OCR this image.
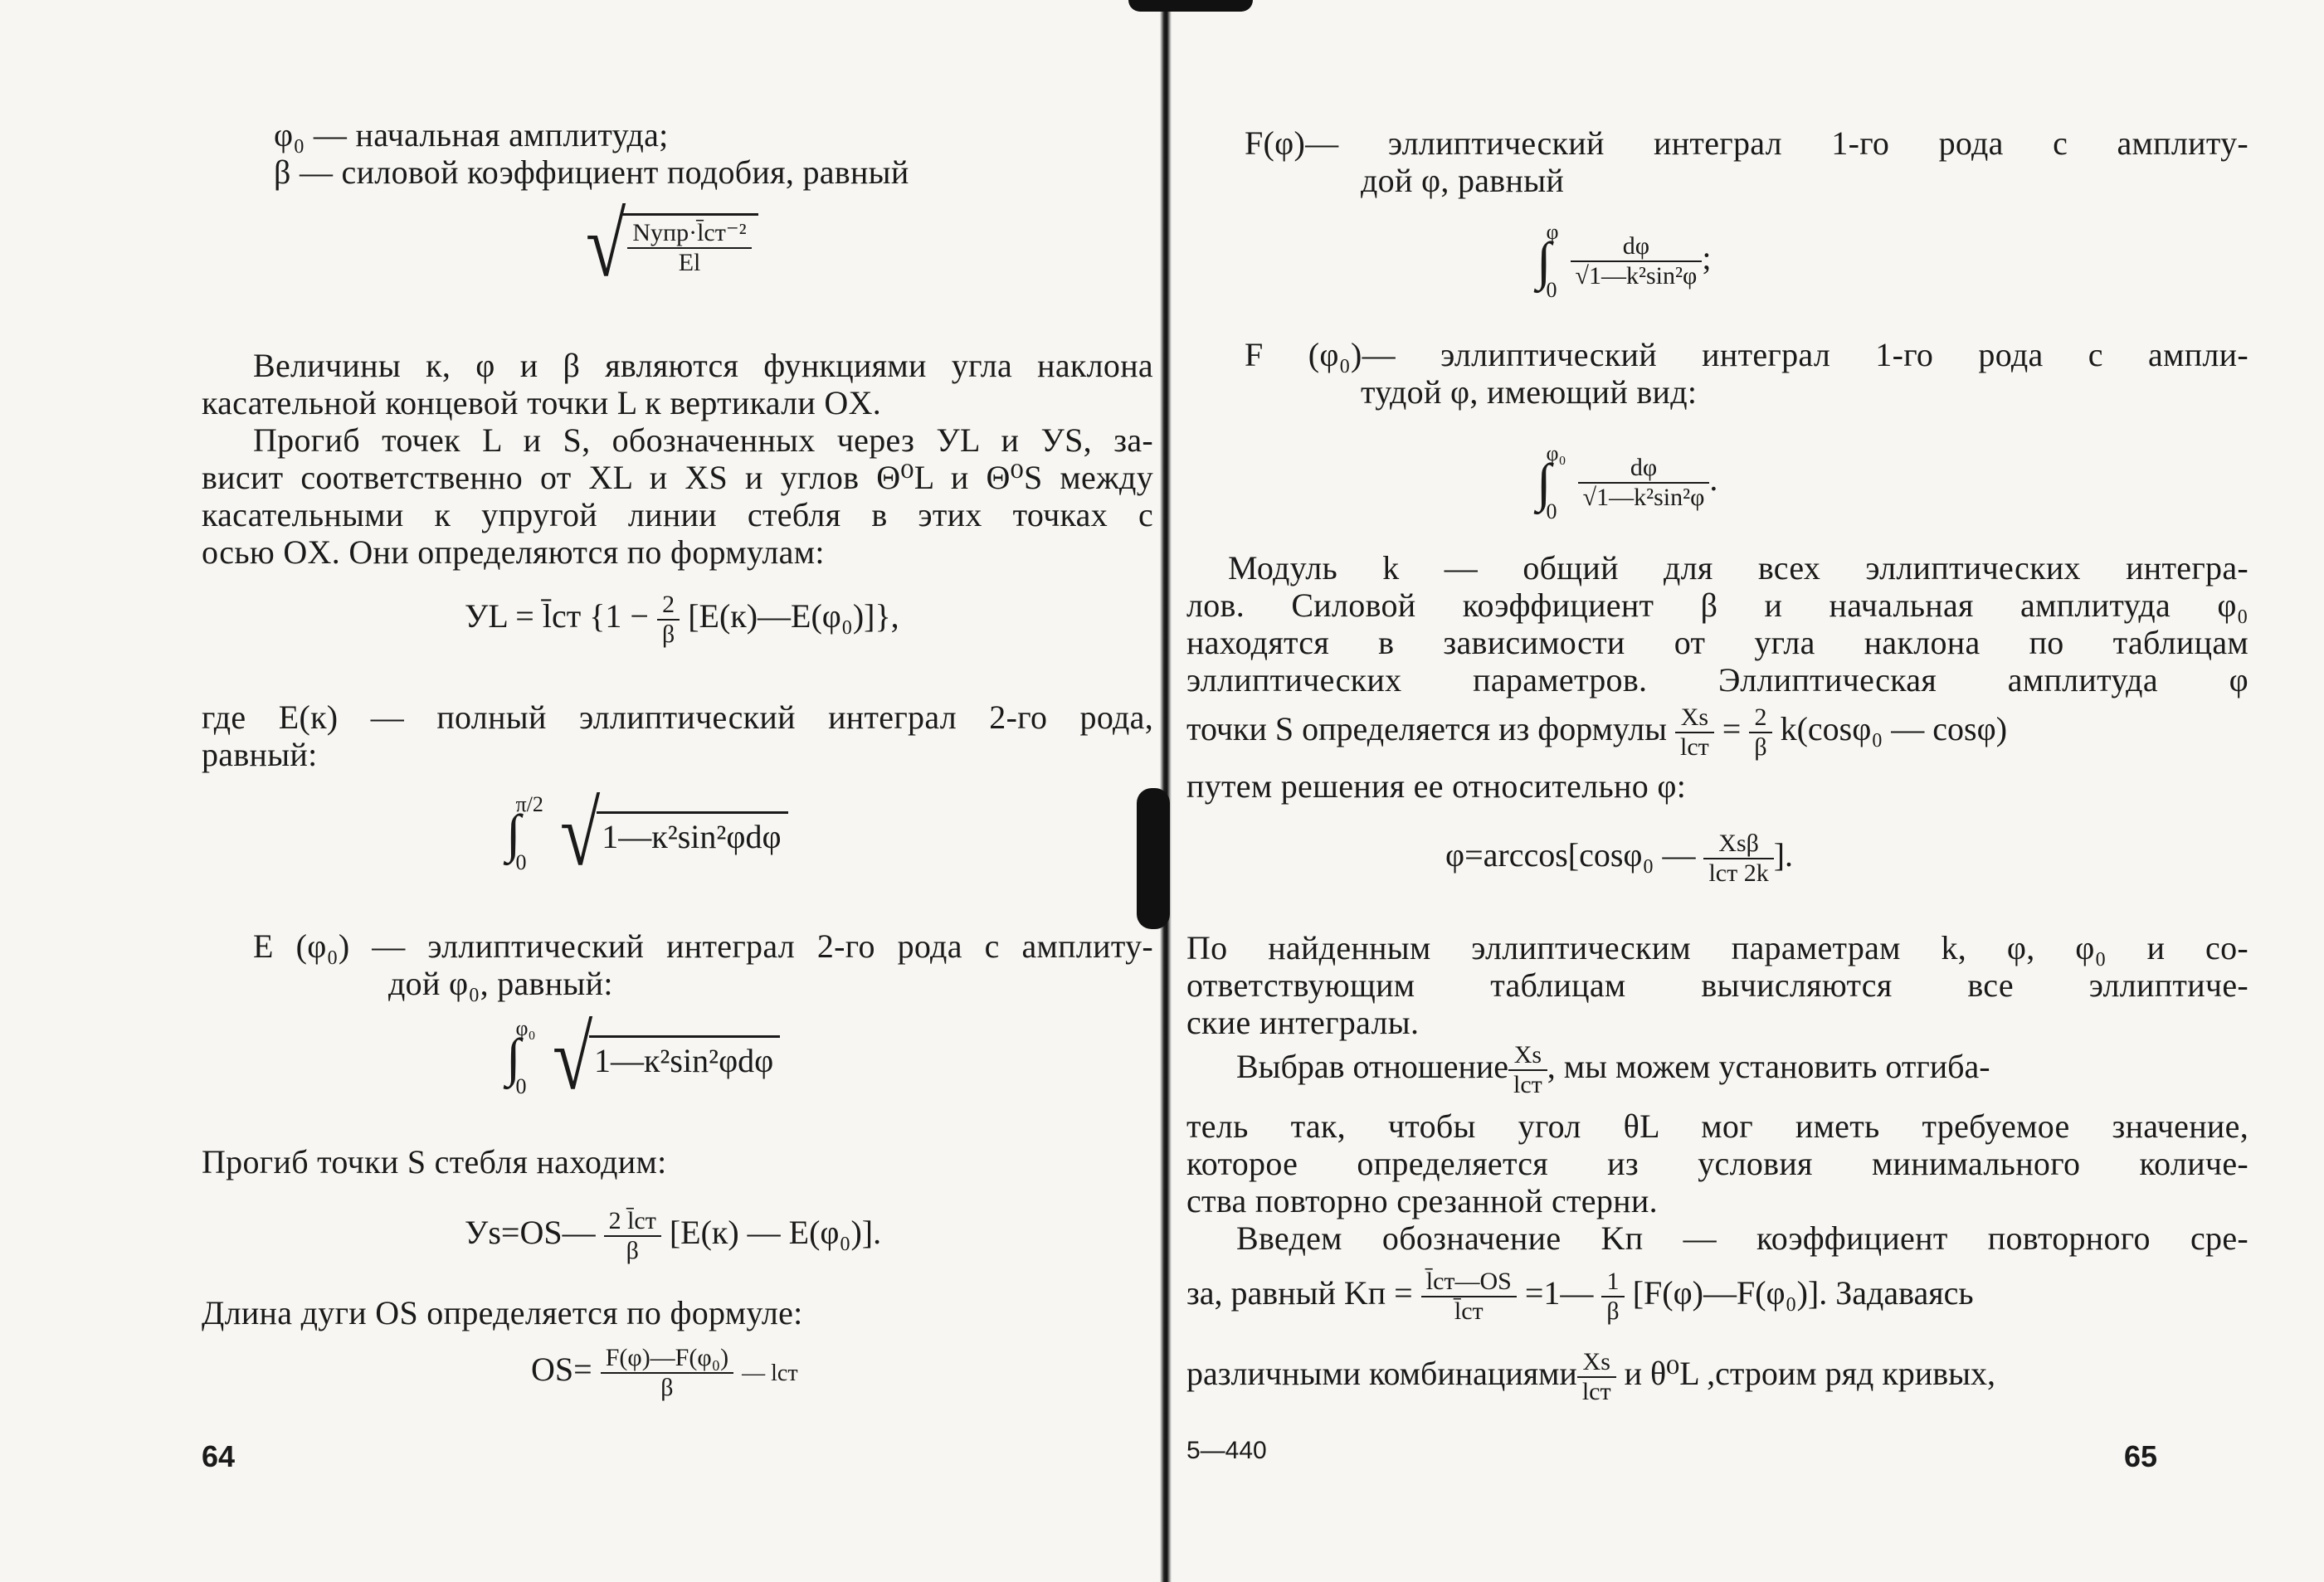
φ₀ — начальная амплитуда;
β — силовой коэффициент подобия, равный
√ $\frac{\text{Nупр·l̄ст⁻²}}{El}$
Величины к, φ и β являются функциями угла наклона
касательной концевой точки L к вертикали OX.
Прогиб точек L и S, обозначенных через УL и УS, за-
висит соответственно от XL и XS и углов Θ⁰L и Θ⁰S между
касательными к упругой линии стебля в этих точках с
осью OX. Они определяются по формулам:
УL = l̄ст {$1 - \frac{2}{\beta}$ [E(к)—E(φ₀)]},
где E(к) — полный эллиптический интеграл 2-го рода,
равный:
∫
π/2
0 √1—к²sin²φdφ
E (φ₀) — эллиптический интеграл 2-го рода с амплиту-
дой φ₀, равный:
∫
φ₀
0 √1—к²sin²φdφ
Прогиб точки S стебля находим:
Уs=OS— $\frac{2 l̄ст}{\beta} [E(к)$ — E(φ₀)].
Длина дуги OS определяется по формуле:
$OS= \frac{\text{F(φ)—F(φ₀)}}{\beta}$ — lст
64
F(φ)— эллиптический интеграл 1-го рода с амплиту-
дой φ, равный
∫
φ
0
$\frac{d\varphi}{\text{√1—k²sin²φ}}$ ;
F (φ₀)— эллиптический интеграл 1-го рода с ампли-
тудой φ, имеющий вид:
∫
φ₀
0
$\frac{d\varphi}{\text{√1—k²sin²φ}}$ .
Модуль k — общий для всех эллиптических интегра-
лов. Силовой коэффициент β и начальная амплитуда φ₀
находятся в зависимости от угла наклона по таблицам
эллиптических параметров. Эллиптическая амплитуда φ
точки S определяется из формулы $\frac{Xs}{\text{lст}} = \frac{2}{\beta} k(\cos\varphi_0$ — cosφ)
путем решения ее относительно φ:
φ=arccos[cosφ₀ — $\frac{\text{Xsβ}}{\text{lст 2k}}$ ].
По найденным эллиптическим параметрам k, φ, φ₀ и со-
ответствующим таблицам вычисляются все эллиптиче-
ские интегралы.
Выбрав отношение $\frac{Xs}{\text{lст}}$ , мы можем установить отгиба-
тель так, чтобы угол θL мог иметь требуемое значение,
которое определяется из условия минимального количе-
ства повторно срезанной стерни.
Введем обозначение Kп — коэффициент повторного сре-
за, равный Kп = $\frac{l̄ст—OS}{l̄ст}$ =1— $\frac{1}{\beta}$ [F(φ)—F(φ₀)]. Задаваясь
различными комбинациями $\frac{Xs}{\text{lст}}$ и θ⁰L ,строим ряд кривых,
5—440	65
